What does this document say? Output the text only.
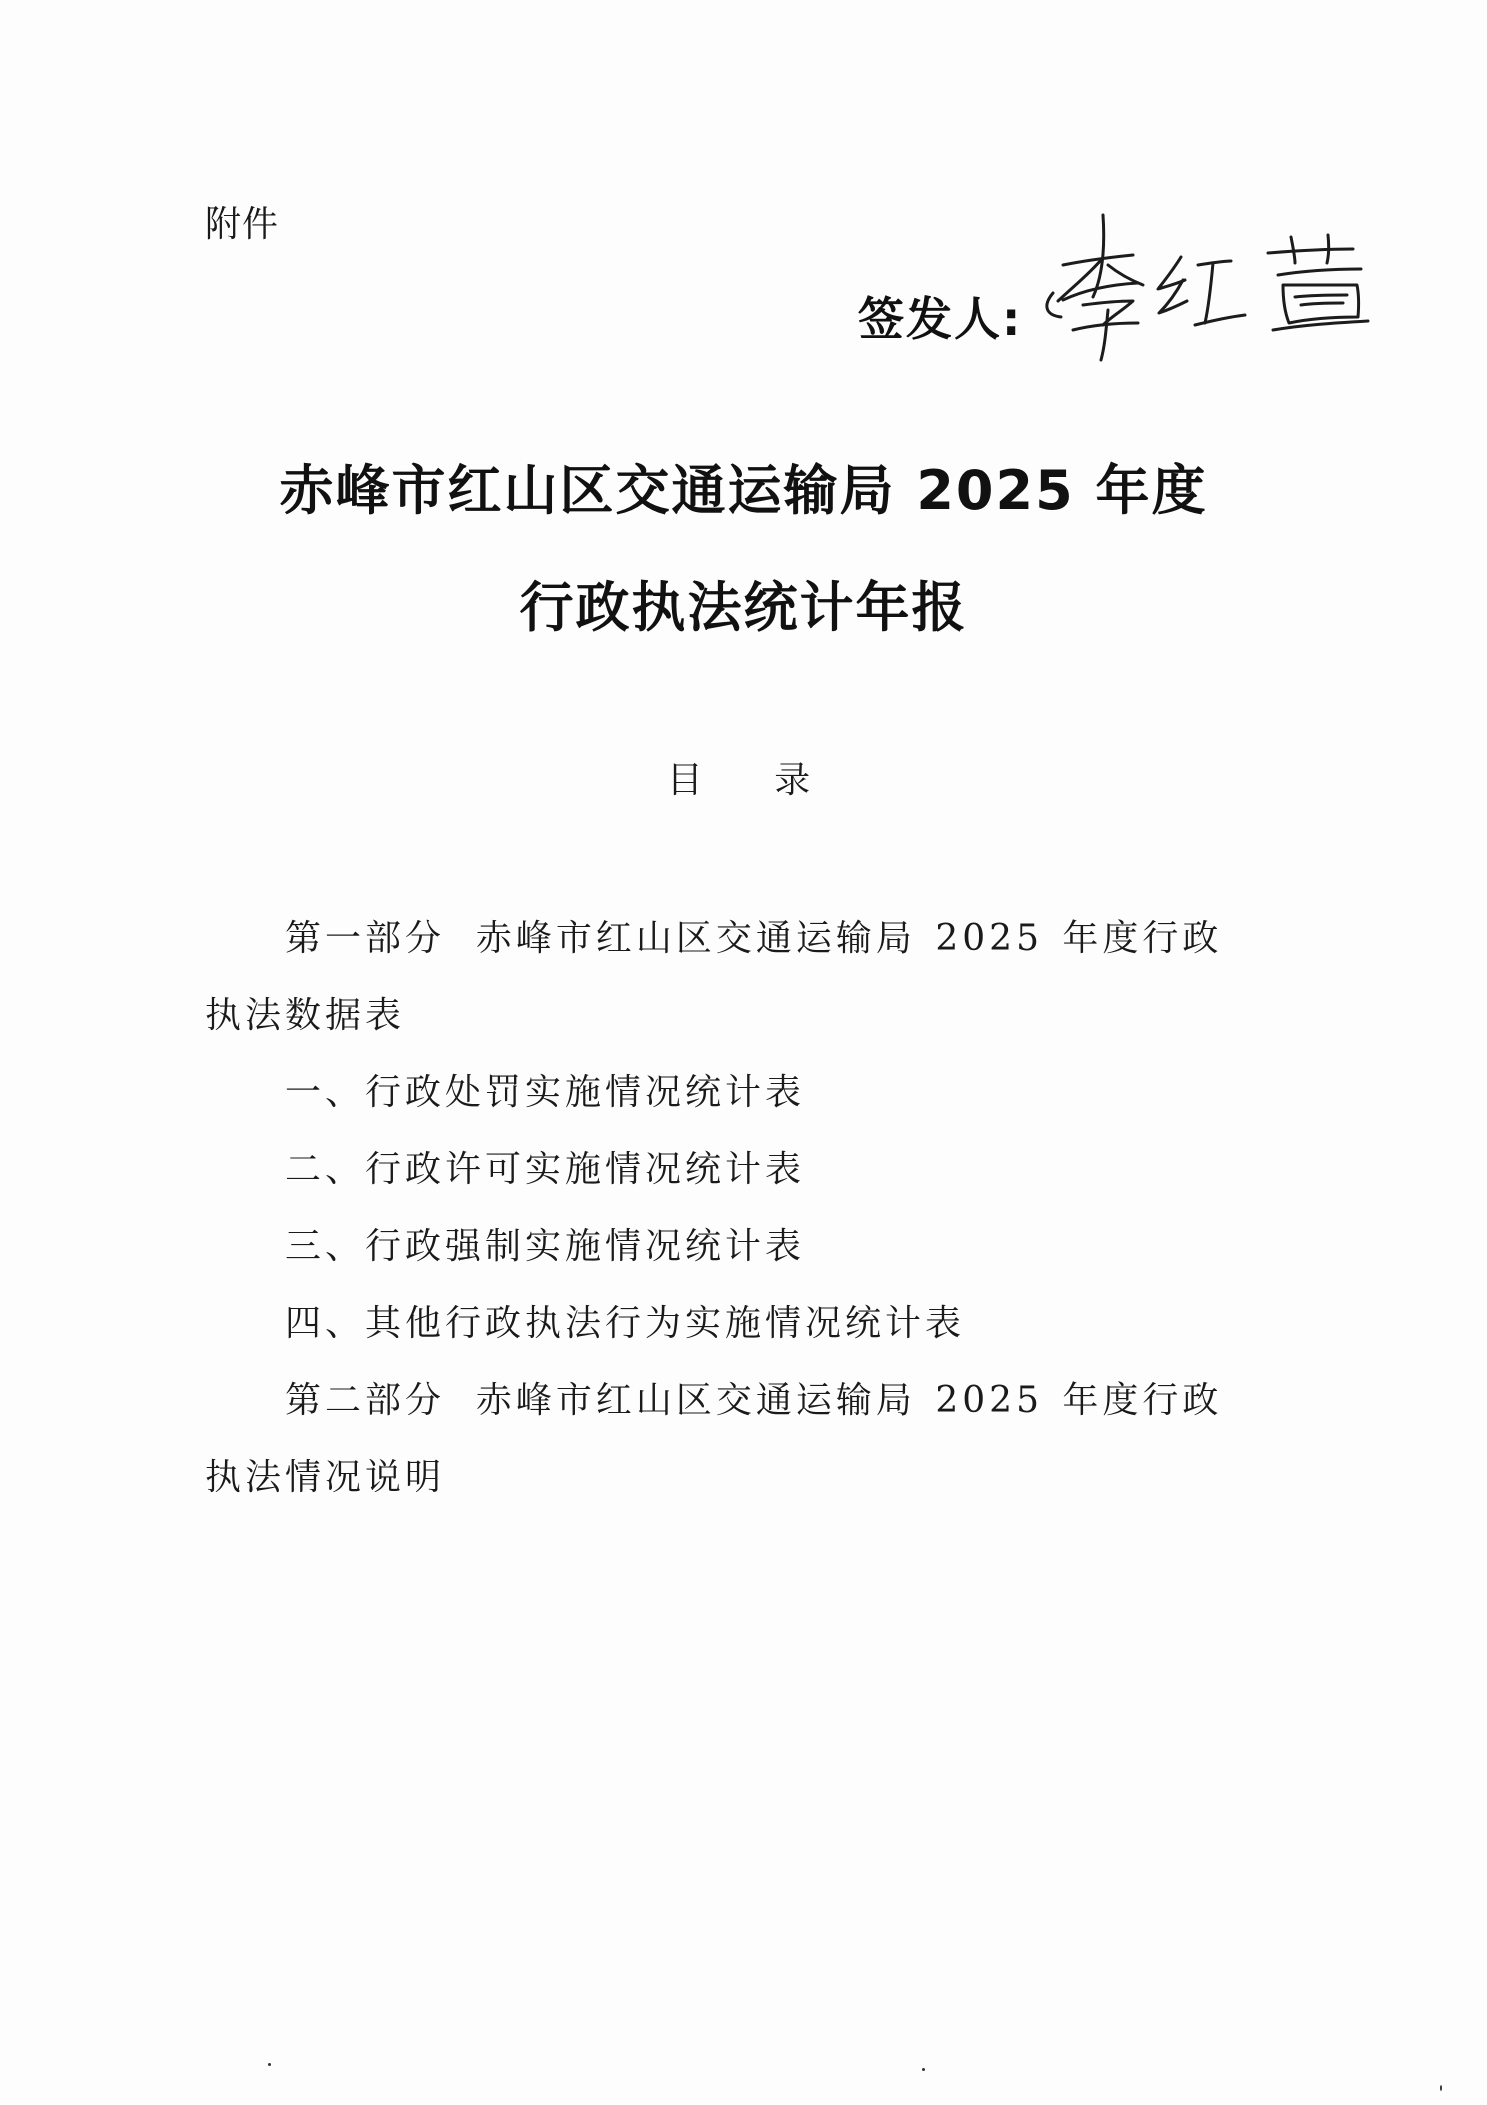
附件
签发人:
赤峰市红山区交通运输局 2025 年度
行政执法统计年报
目 录

第一部分 赤峰市红山区交通运输局 2025 年度行政执法数据表

一、行政处罚实施情况统计表

二、行政许可实施情况统计表

三、行政强制实施情况统计表

四、其他行政执法行为实施情况统计表

第二部分 赤峰市红山区交通运输局 2025 年度行政执法情况说明
